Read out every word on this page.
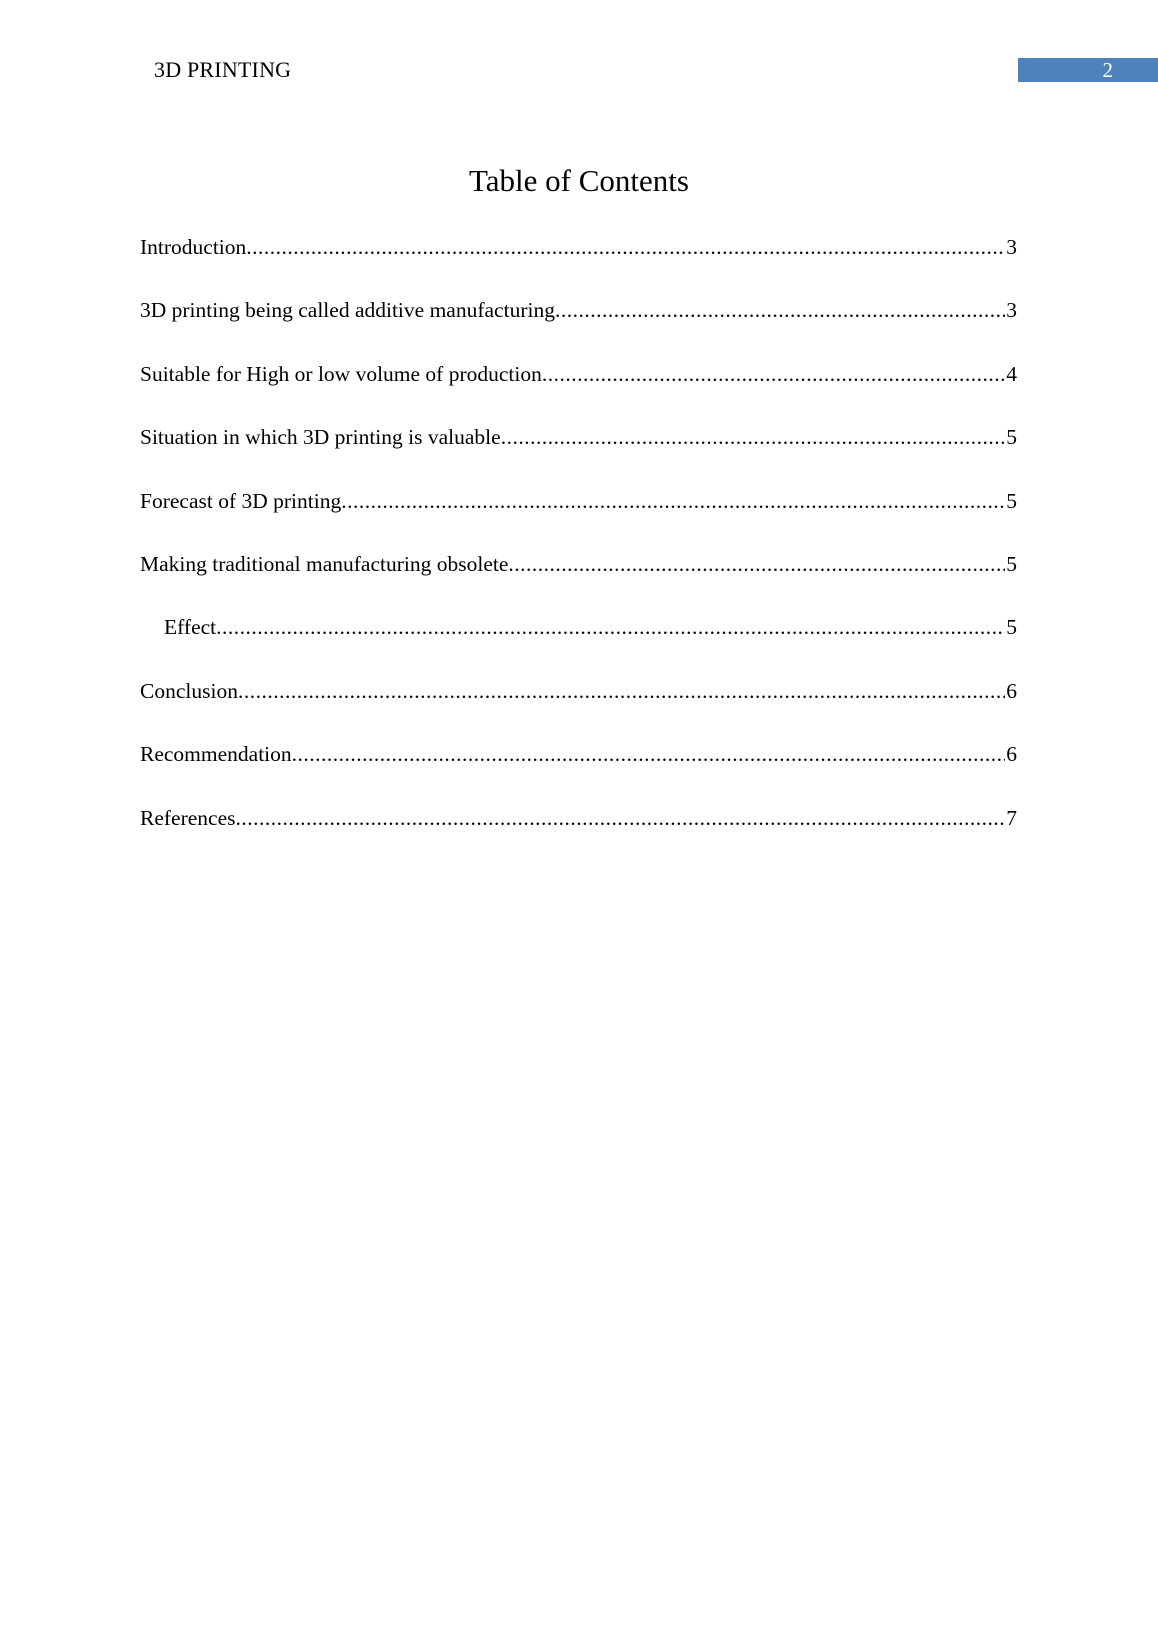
3D PRINTING	2
Table of Contents
Introduction .....	3
3D printing being called additive manufacturing .....	3
Suitable for High or low volume of production .....	4
Situation in which 3D printing is valuable .....	5
Forecast of 3D printing .....	5
Making traditional manufacturing obsolete .....	5
Effect .....	5
Conclusion .....	6
Recommendation .....	6
References .....	7
